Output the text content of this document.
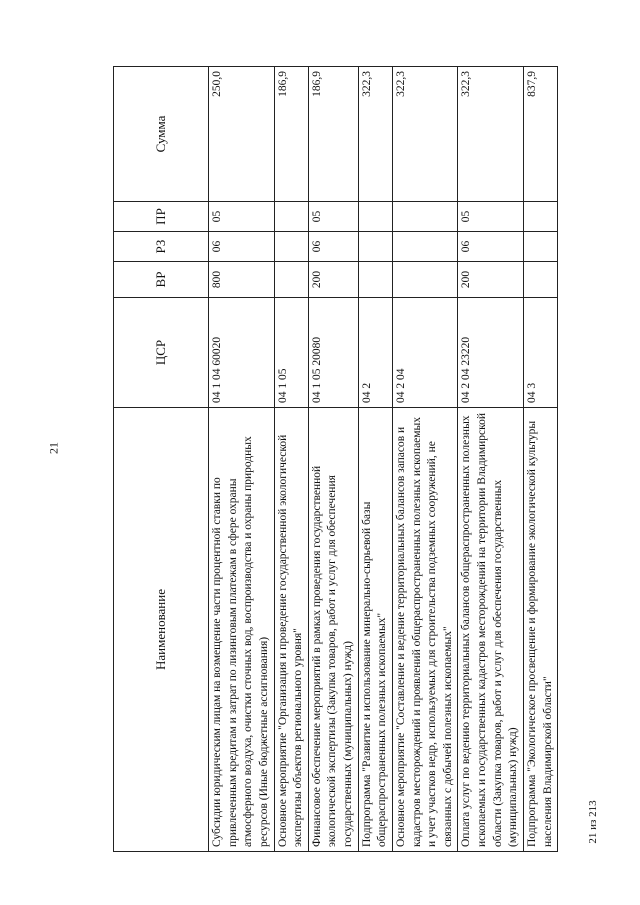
21
21 из 213
Наименование	ЦСР	ВР	РЗ	ПР	Сумма
Субсидии юридическим лицам на возмещение части процентной ставки по привлеченным кредитам и затрат по лизинговым платежам в сфере охраны атмосферного воздуха, очистки сточных вод, воспроизводства и охраны природных ресурсов (Иные бюджетные ассигнования)	04 1 04 60020	800	06	05	250,0
Основное мероприятие "Организация и проведение государственной экологической экспертизы объектов регионального уровня"	04 1 05				186,9
Финансовое обеспечение мероприятий в рамках проведения государственной экологической экспертизы (Закупка товаров, работ и услуг для обеспечения государственных (муниципальных) нужд)	04 1 05 20080	200	06	05	186,9
Подпрограмма "Развитие и использование минерально-сырьевой базы общераспространенных полезных ископаемых"	04 2				322,3
Основное мероприятие "Составление и ведение территориальных балансов запасов и кадастров месторождений и проявлений общераспространенных полезных ископаемых и учет участков недр, используемых для строительства подземных сооружений, не связанных с добычей полезных ископаемых"	04 2 04				322,3
Оплата услуг по ведению территориальных балансов общераспространенных полезных ископаемых и государственных кадастров месторождений на территории Владимирской области (Закупка товаров, работ и услуг для обеспечения государственных (муниципальных) нужд)	04 2 04 23220	200	06	05	322,3
Подпрограмма "Экологическое просвещение и формирование экологической культуры населения Владимирской области"	04 3				837,9
